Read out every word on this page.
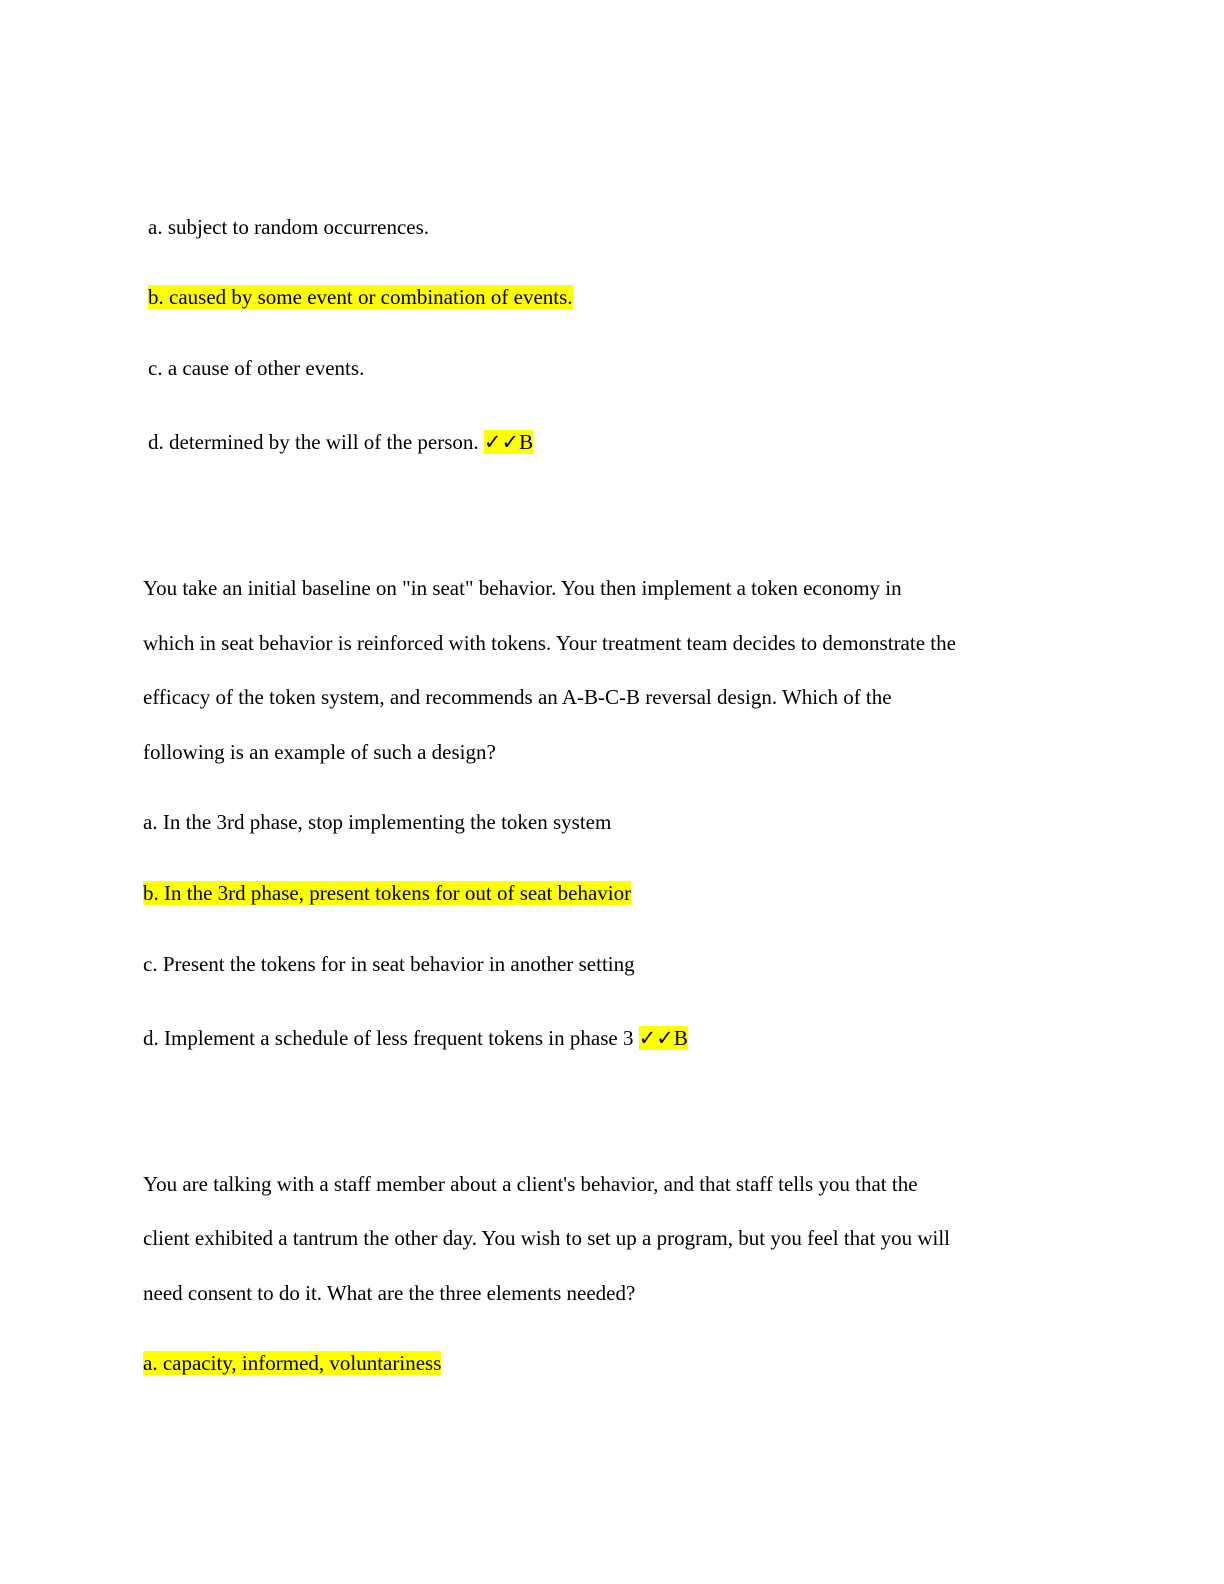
a. subject to random occurrences.
b. caused by some event or combination of events.
c. a cause of other events.
d. determined by the will of the person. ✓✓B
You take an initial baseline on "in seat" behavior. You then implement a token economy in
which in seat behavior is reinforced with tokens. Your treatment team decides to demonstrate the
efficacy of the token system, and recommends an A-B-C-B reversal design. Which of the
following is an example of such a design?
a. In the 3rd phase, stop implementing the token system
b. In the 3rd phase, present tokens for out of seat behavior
c. Present the tokens for in seat behavior in another setting
d. Implement a schedule of less frequent tokens in phase 3 ✓✓B
You are talking with a staff member about a client's behavior, and that staff tells you that the
client exhibited a tantrum the other day. You wish to set up a program, but you feel that you will
need consent to do it. What are the three elements needed?
a. capacity, informed, voluntariness
